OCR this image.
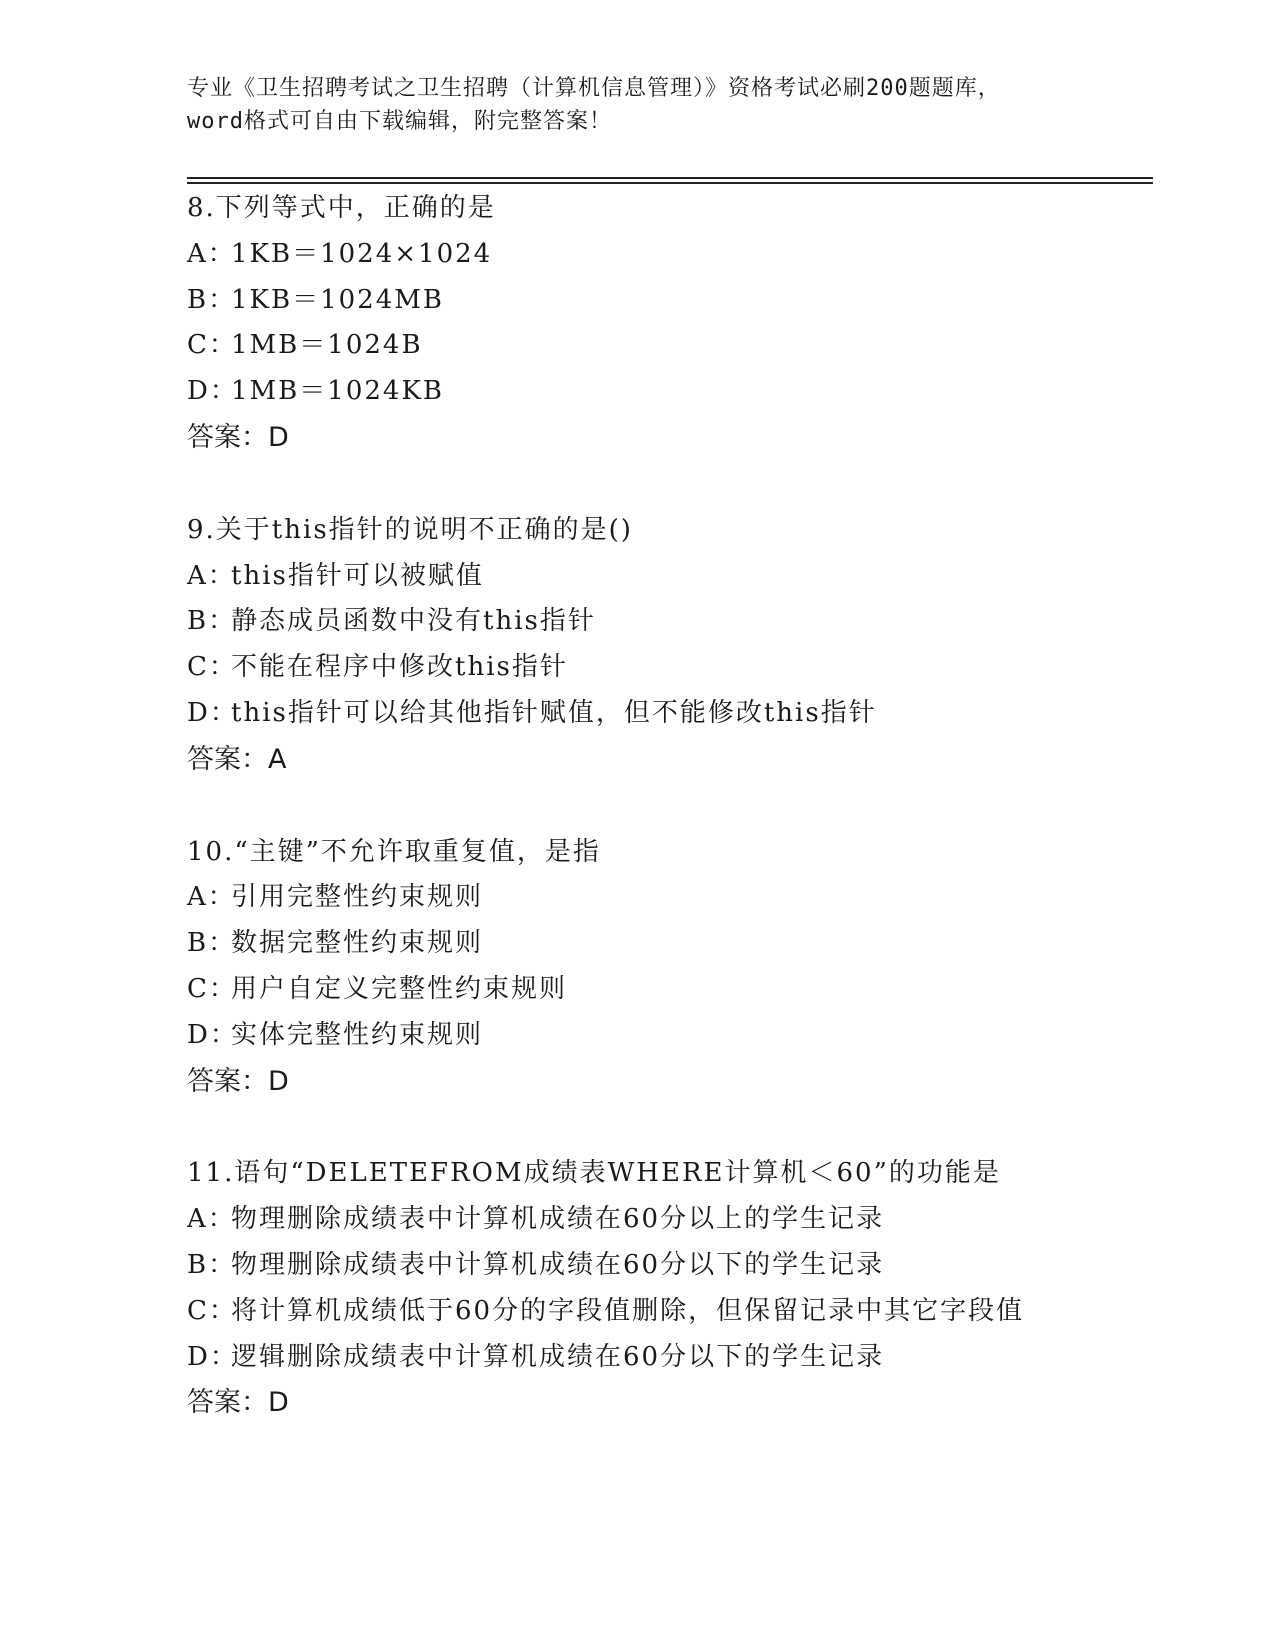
专业《卫生招聘考试之卫生招聘（计算机信息管理）》资格考试必刷200题题库，
word格式可自由下载编辑，附完整答案！
8.下列等式中，正确的是
A：1KB＝1024×1024
B：1KB＝1024MB
C：1MB＝1024B
D：1MB＝1024KB
答案：D
9.关于this指针的说明不正确的是()
A：this指针可以被赋值
B：静态成员函数中没有this指针
C：不能在程序中修改this指针
D：this指针可以给其他指针赋值，但不能修改this指针
答案：A
10.“主键”不允许取重复值，是指
A：引用完整性约束规则
B：数据完整性约束规则
C：用户自定义完整性约束规则
D：实体完整性约束规则
答案：D
11.语句“DELETEFROM成绩表WHERE计算机＜60”的功能是
A：物理删除成绩表中计算机成绩在60分以上的学生记录
B：物理删除成绩表中计算机成绩在60分以下的学生记录
C：将计算机成绩低于60分的字段值删除，但保留记录中其它字段值
D：逻辑删除成绩表中计算机成绩在60分以下的学生记录
答案：D
